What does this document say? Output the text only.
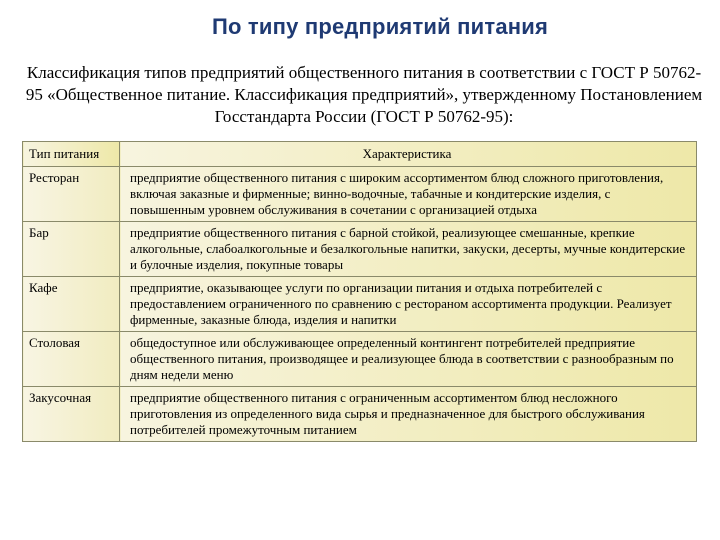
По типу предприятий питания
Классификация типов предприятий общественного питания в соответствии с ГОСТ Р 50762-95 «Общественное питание. Классификация предприятий», утвержденному Постановлением Госстандарта России (ГОСТ Р 50762-95):
Тип питания	Характеристика
Ресторан	предприятие общественного питания с широким ассортиментом блюд сложного приготовления, включая заказные и фирменные; винно-водочные, табачные и кондитерские изделия, с повышенным уровнем обслуживания в сочетании с организацией отдыха
Бар	предприятие общественного питания с барной стойкой, реализующее смешанные, крепкие алкогольные, слабоалкогольные и безалкогольные напитки, закуски, десерты, мучные кондитерские и булочные изделия, покупные товары
Кафе	предприятие, оказывающее услуги по организации питания и отдыха потребителей с предоставлением ограниченного по сравнению с рестораном ассортимента продукции. Реализует фирменные, заказные блюда, изделия и напитки
Столовая	общедоступное или обслуживающее определенный контингент потребителей предприятие общественного питания, производящее и реализующее блюда в соответствии с разнообразным по дням недели меню
Закусочная	предприятие общественного питания с ограниченным ассортиментом блюд несложного приготовления из определенного вида сырья и предназначенное для быстрого обслуживания потребителей промежуточным питанием
